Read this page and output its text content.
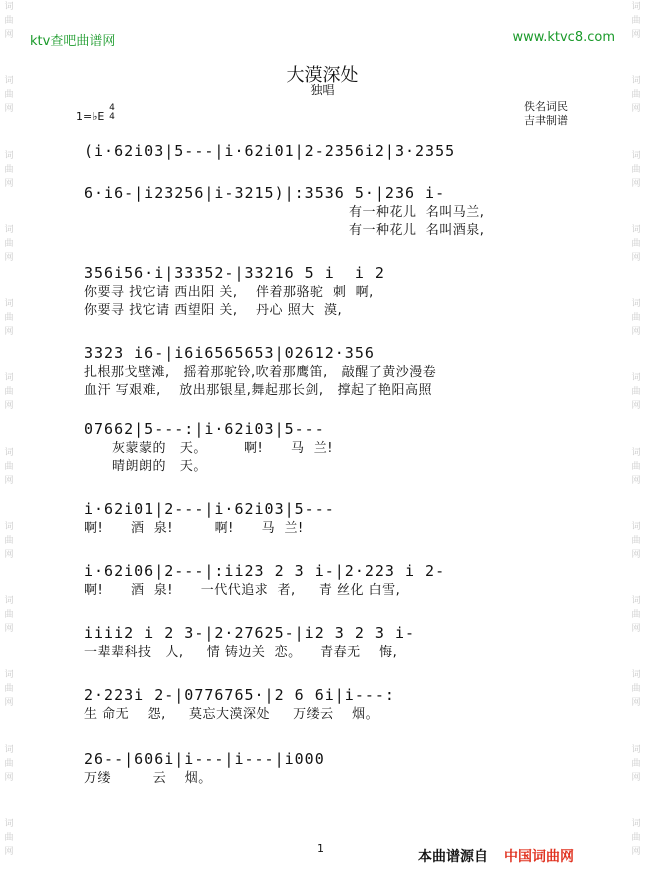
词
曲
网
词
曲
网
词
曲
网
词
曲
网
词
曲
网
词
曲
网
词
曲
网
词
曲
网
词
曲
网
词
曲
网
词
曲
网
词
曲
网
词
曲
网
词
曲
网
词
曲
网
词
曲
网
词
曲
网
词
曲
网
词
曲
网
词
曲
网
词
曲
网
词
曲
网
词
曲
网
词
曲
网
ktv查吧曲谱网	www.ktvc8.com
大漠深处
独唱
1=♭E
4
4
佚名词民
吉聿制谱
(i·62i03|5---|i·62i01|2-2356i2|3·2355
6·i6-|i23256|i-3215)|:3536 5·|236 i-
有一种花儿  名叫马兰,
有一种花儿  名叫酒泉,
356i56·i|33352-|33216 5 i  i 2
你要寻 找它请 西出阳 关,    伴着那骆驼  刺  啊,
你要寻 找它请 西望阳 关,    丹心 照大  漠,
3323 i6-|i6i6565653|02612·356
扎根那戈壁滩,   摇着那驼铃,吹着那鹰笛,   敲醒了黄沙漫卷
血汗 写艰难,    放出那银星,舞起那长剑,   撑起了艳阳高照
07662|5---:|i·62i03|5---
灰蒙蒙的   天。        啊!      马  兰!
晴朗朗的   天。
i·62i01|2---|i·62i03|5---
啊!      酒  泉!         啊!      马  兰!
i·62i06|2---|:ii23 2 3 i-|2·223 i 2-
啊!      酒  泉!      一代代追求  者,     青 丝化 白雪,
iiii2 i 2 3-|2·27625-|i2 3 2 3 i-
一辈辈科技   人,     情 铸边关  恋。    青春无    悔,
2·223i 2-|0776765·|2 6 6i|i---:
生 命无    怨,     莫忘大漠深处     万缕云    烟。
26--|606i|i---|i---|i000
万缕         云    烟。
1
本曲谱源自 中国词曲网
